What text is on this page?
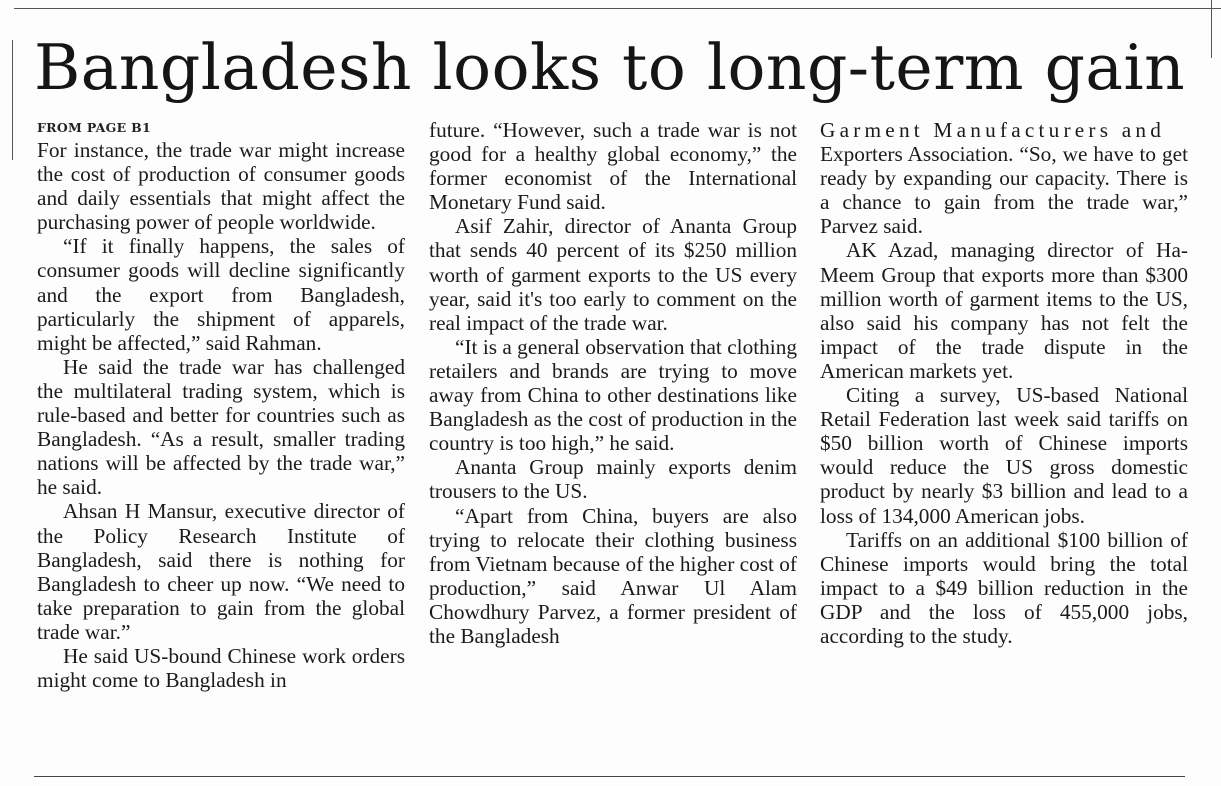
Bangladesh looks to long-term gain
FROM PAGE B1

For instance, the trade war might increase the cost of production of consumer goods and daily essentials that might affect the purchasing power of people worldwide.

“If it finally happens, the sales of consumer goods will decline significantly and the export from Bangladesh, particularly the shipment of apparels, might be affected,” said Rahman.

He said the trade war has challenged the multilateral trading system, which is rule-based and better for countries such as Bangladesh. “As a result, smaller trading nations will be affected by the trade war,” he said.

Ahsan H Mansur, executive director of the Policy Research Institute of Bangladesh, said there is nothing for Bangladesh to cheer up now. “We need to take preparation to gain from the global trade war.”

He said US-bound Chinese work orders might come to Bangladesh in

future. “However, such a trade war is not good for a healthy global economy,” the former economist of the International Monetary Fund said.

Asif Zahir, director of Ananta Group that sends 40 percent of its $250 million worth of garment exports to the US every year, said it's too early to comment on the real impact of the trade war.

“It is a general observation that clothing retailers and brands are trying to move away from China to other destinations like Bangladesh as the cost of production in the country is too high,” he said.

Ananta Group mainly exports denim trousers to the US.

“Apart from China, buyers are also trying to relocate their clothing business from Vietnam because of the higher cost of production,” said Anwar Ul Alam Chowdhury Parvez, a former president of the Bangladesh

Garment Manufacturers and

Exporters Association. “So, we have to get ready by expanding our capacity. There is a chance to gain from the trade war,” Parvez said.

AK Azad, managing director of Ha-Meem Group that exports more than $300 million worth of garment items to the US, also said his company has not felt the impact of the trade dispute in the American markets yet.

Citing a survey, US-based National Retail Federation last week said tariffs on $50 billion worth of Chinese imports would reduce the US gross domestic product by nearly $3 billion and lead to a loss of 134,000 American jobs.

Tariffs on an additional $100 billion of Chinese imports would bring the total impact to a $49 billion reduction in the GDP and the loss of 455,000 jobs, according to the study.
